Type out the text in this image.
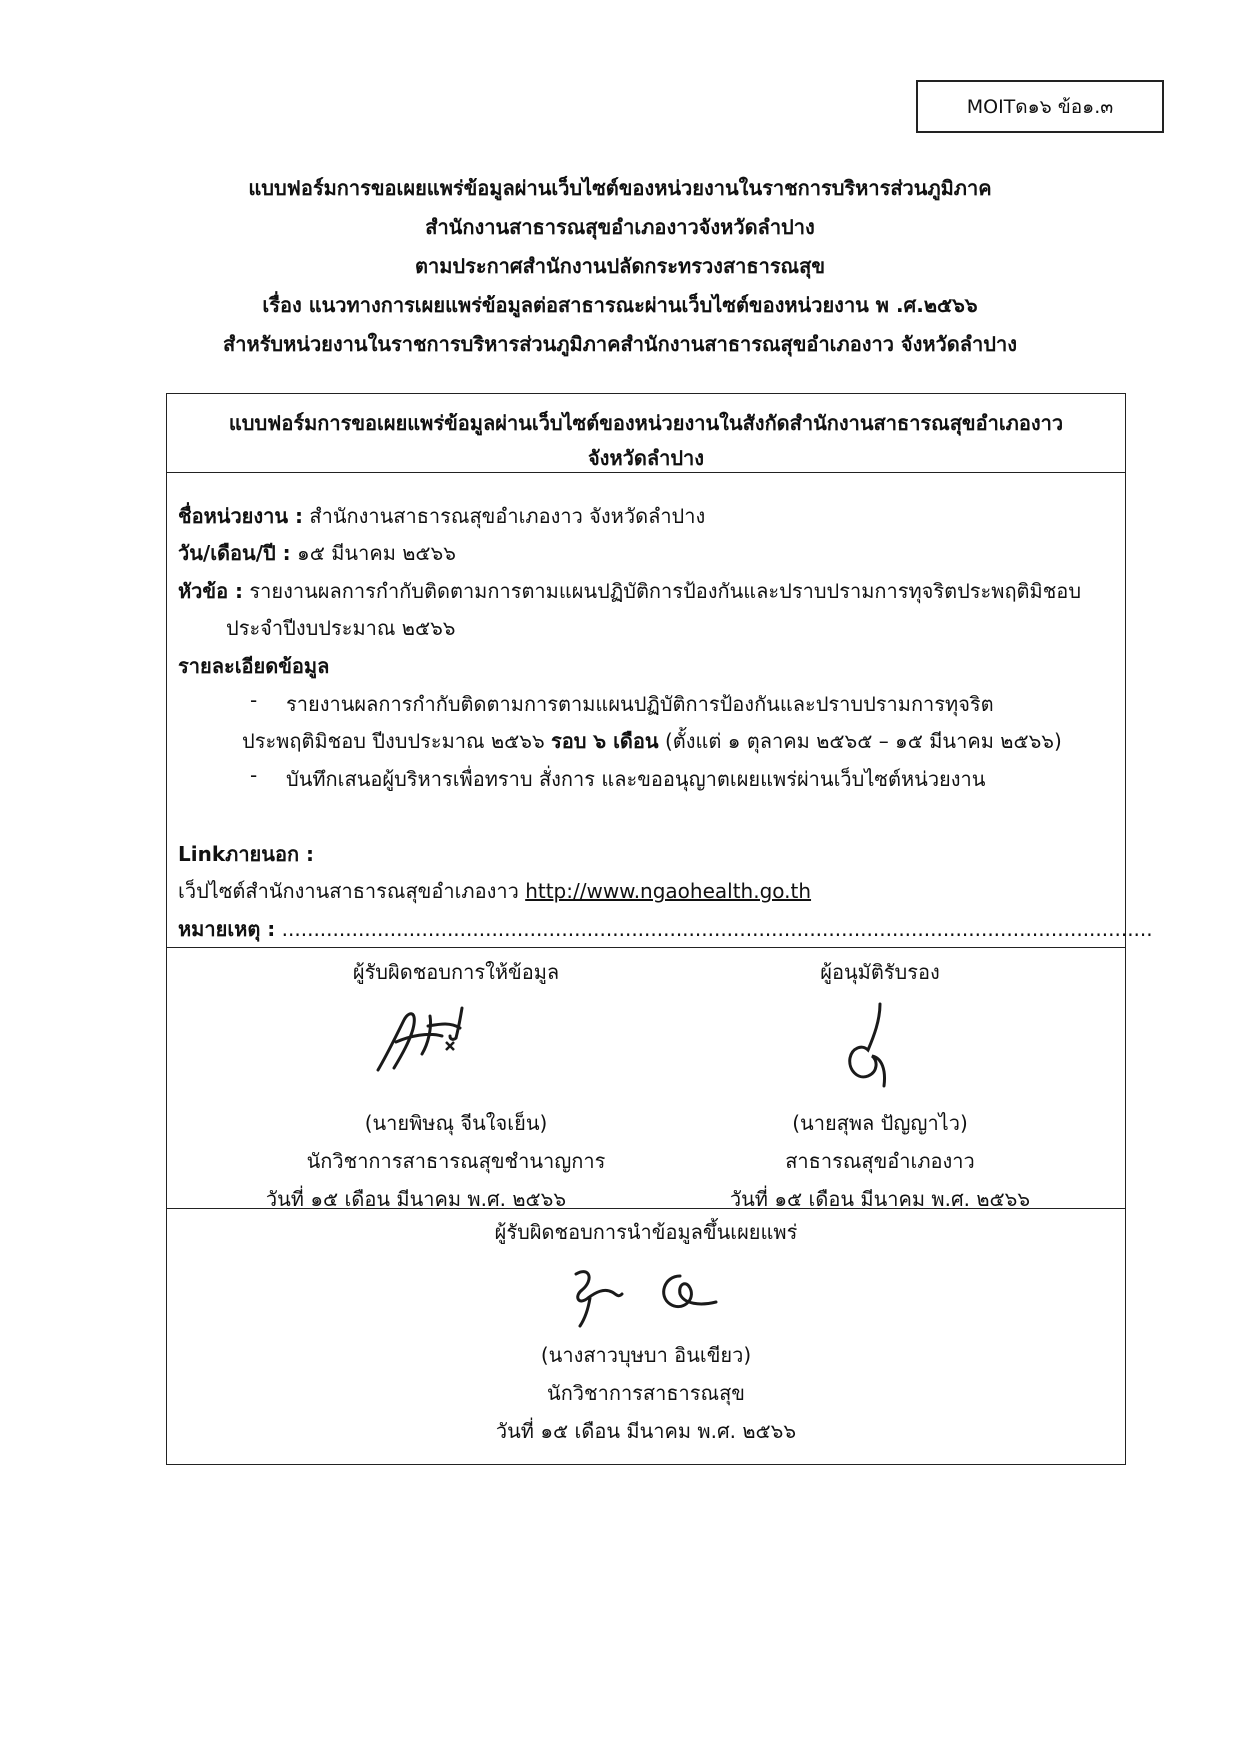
MOITด๑๖ ข้อ๑.๓
แบบฟอร์มการขอเผยแพร่ข้อมูลผ่านเว็บไซต์ของหน่วยงานในราชการบริหารส่วนภูมิภาค
สำนักงานสาธารณสุขอำเภองาวจังหวัดลำปาง
ตามประกาศสำนักงานปลัดกระทรวงสาธารณสุข
เรื่อง แนวทางการเผยแพร่ข้อมูลต่อสาธารณะผ่านเว็บไซต์ของหน่วยงาน พ .ศ.๒๕๖๖
สำหรับหน่วยงานในราชการบริหารส่วนภูมิภาคสำนักงานสาธารณสุขอำเภองาว จังหวัดลำปาง
แบบฟอร์มการขอเผยแพร่ข้อมูลผ่านเว็บไซต์ของหน่วยงานในสังกัดสำนักงานสาธารณสุขอำเภองาว
จังหวัดลำปาง
ชื่อหน่วยงาน : สำนักงานสาธารณสุขอำเภองาว จังหวัดลำปาง
วัน/เดือน/ปี : ๑๕ มีนาคม ๒๕๖๖
หัวข้อ : รายงานผลการกำกับติดตามการตามแผนปฏิบัติการป้องกันและปราบปรามการทุจริตประพฤติมิชอบ
ประจำปีงบประมาณ ๒๕๖๖
รายละเอียดข้อมูล
- รายงานผลการกำกับติดตามการตามแผนปฏิบัติการป้องกันและปราบปรามการทุจริต
ประพฤติมิชอบ ปีงบประมาณ ๒๕๖๖ รอบ ๖ เดือน (ตั้งแต่ ๑ ตุลาคม ๒๕๖๕ – ๑๕ มีนาคม ๒๕๖๖)
- บันทึกเสนอผู้บริหารเพื่อทราบ สั่งการ และขออนุญาตเผยแพร่ผ่านเว็บไซต์หน่วยงาน
Linkภายนอก :
เว็ปไซต์สำนักงานสาธารณสุขอำเภองาว http://www.ngaohealth.go.th
หมายเหตุ : .........................................................................................................................................
ผู้รับผิดชอบการให้ข้อมูล
(นายพิษณุ จีนใจเย็น)
นักวิชาการสาธารณสุขชำนาญการ
วันที่ ๑๕ เดือน มีนาคม พ.ศ. ๒๕๖๖
ผู้อนุมัติรับรอง
(นายสุพล ปัญญาไว)
สาธารณสุขอำเภองาว
วันที่ ๑๕ เดือน มีนาคม พ.ศ. ๒๕๖๖
ผู้รับผิดชอบการนำข้อมูลขึ้นเผยแพร่
(นางสาวบุษบา อินเขียว)
นักวิชาการสาธารณสุข
วันที่ ๑๕ เดือน มีนาคม พ.ศ. ๒๕๖๖
